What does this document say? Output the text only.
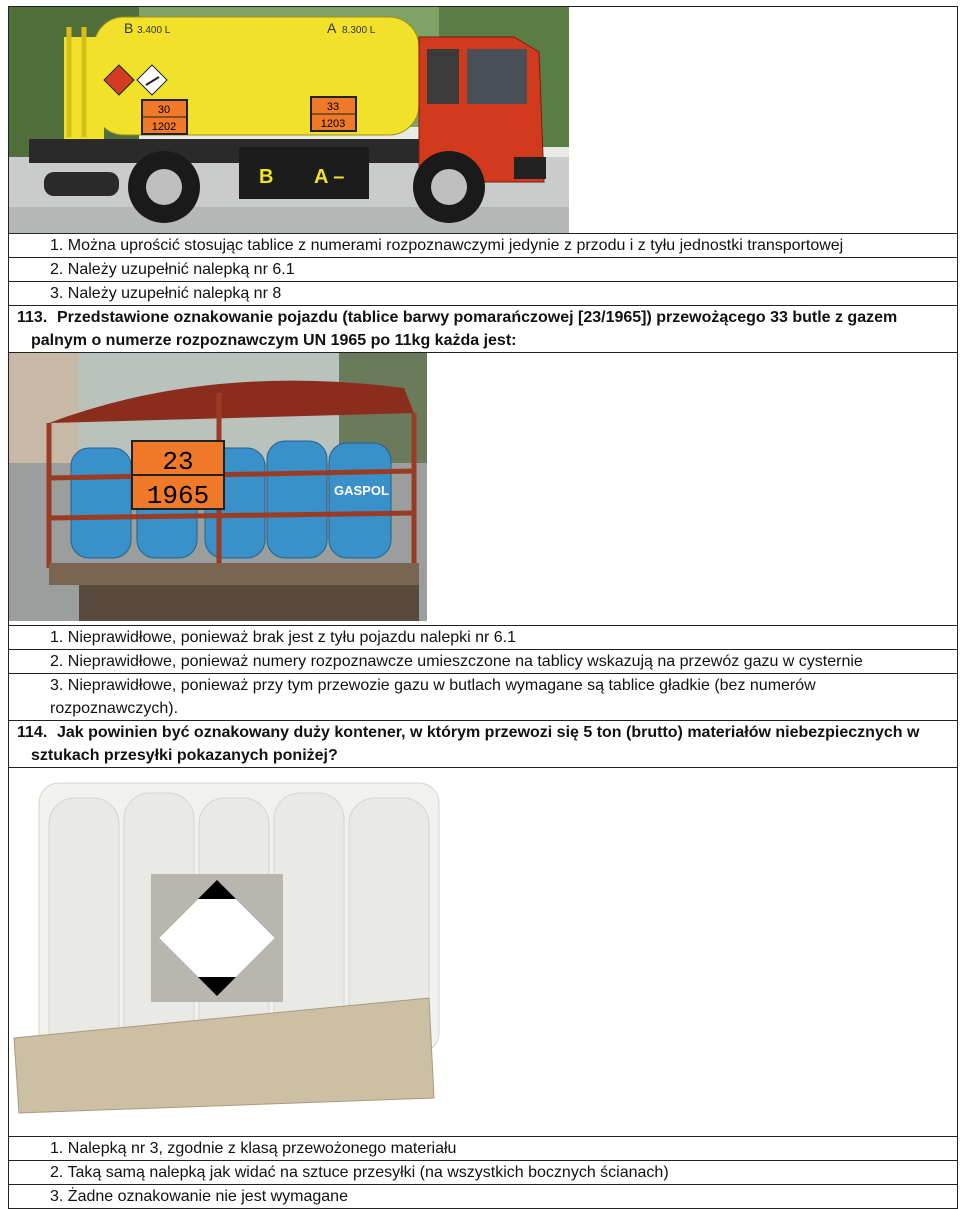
B 3.400 L	A 8.300 L
30
1202
33
1203
B A –

1. Można uprościć stosując tablice z numerami rozpoznawczymi jedynie z przodu i z tyłu jednostki transportowej
2. Należy uzupełnić nalepką nr 6.1
3. Należy uzupełnić nalepką nr 8
113. Przedstawione oznakowanie pojazdu (tablice barwy pomarańczowej [23/1965]) przewożącego 33 butle z gazem
palnym o numerze rozpoznawczym UN 1965 po 11kg każda jest:

GASPOL
23
1965

1. Nieprawidłowe, ponieważ brak jest z tyłu pojazdu nalepki nr 6.1
2. Nieprawidłowe, ponieważ numery rozpoznawcze umieszczone na tablicy wskazują na przewóz gazu w cysternie
3. Nieprawidłowe, ponieważ przy tym przewozie gazu w butlach wymagane są tablice gładkie (bez numerów rozpoznawczych).
114. Jak powinien być oznakowany duży kontener, w którym przewozi się 5 ton (brutto) materiałów niebezpiecznych w
sztukach przesyłki pokazanych poniżej?

1. Nalepką nr 3, zgodnie z klasą przewożonego materiału
2. Taką samą nalepką jak widać na sztuce przesyłki (na wszystkich bocznych ścianach)
3. Żadne oznakowanie nie jest wymagane
